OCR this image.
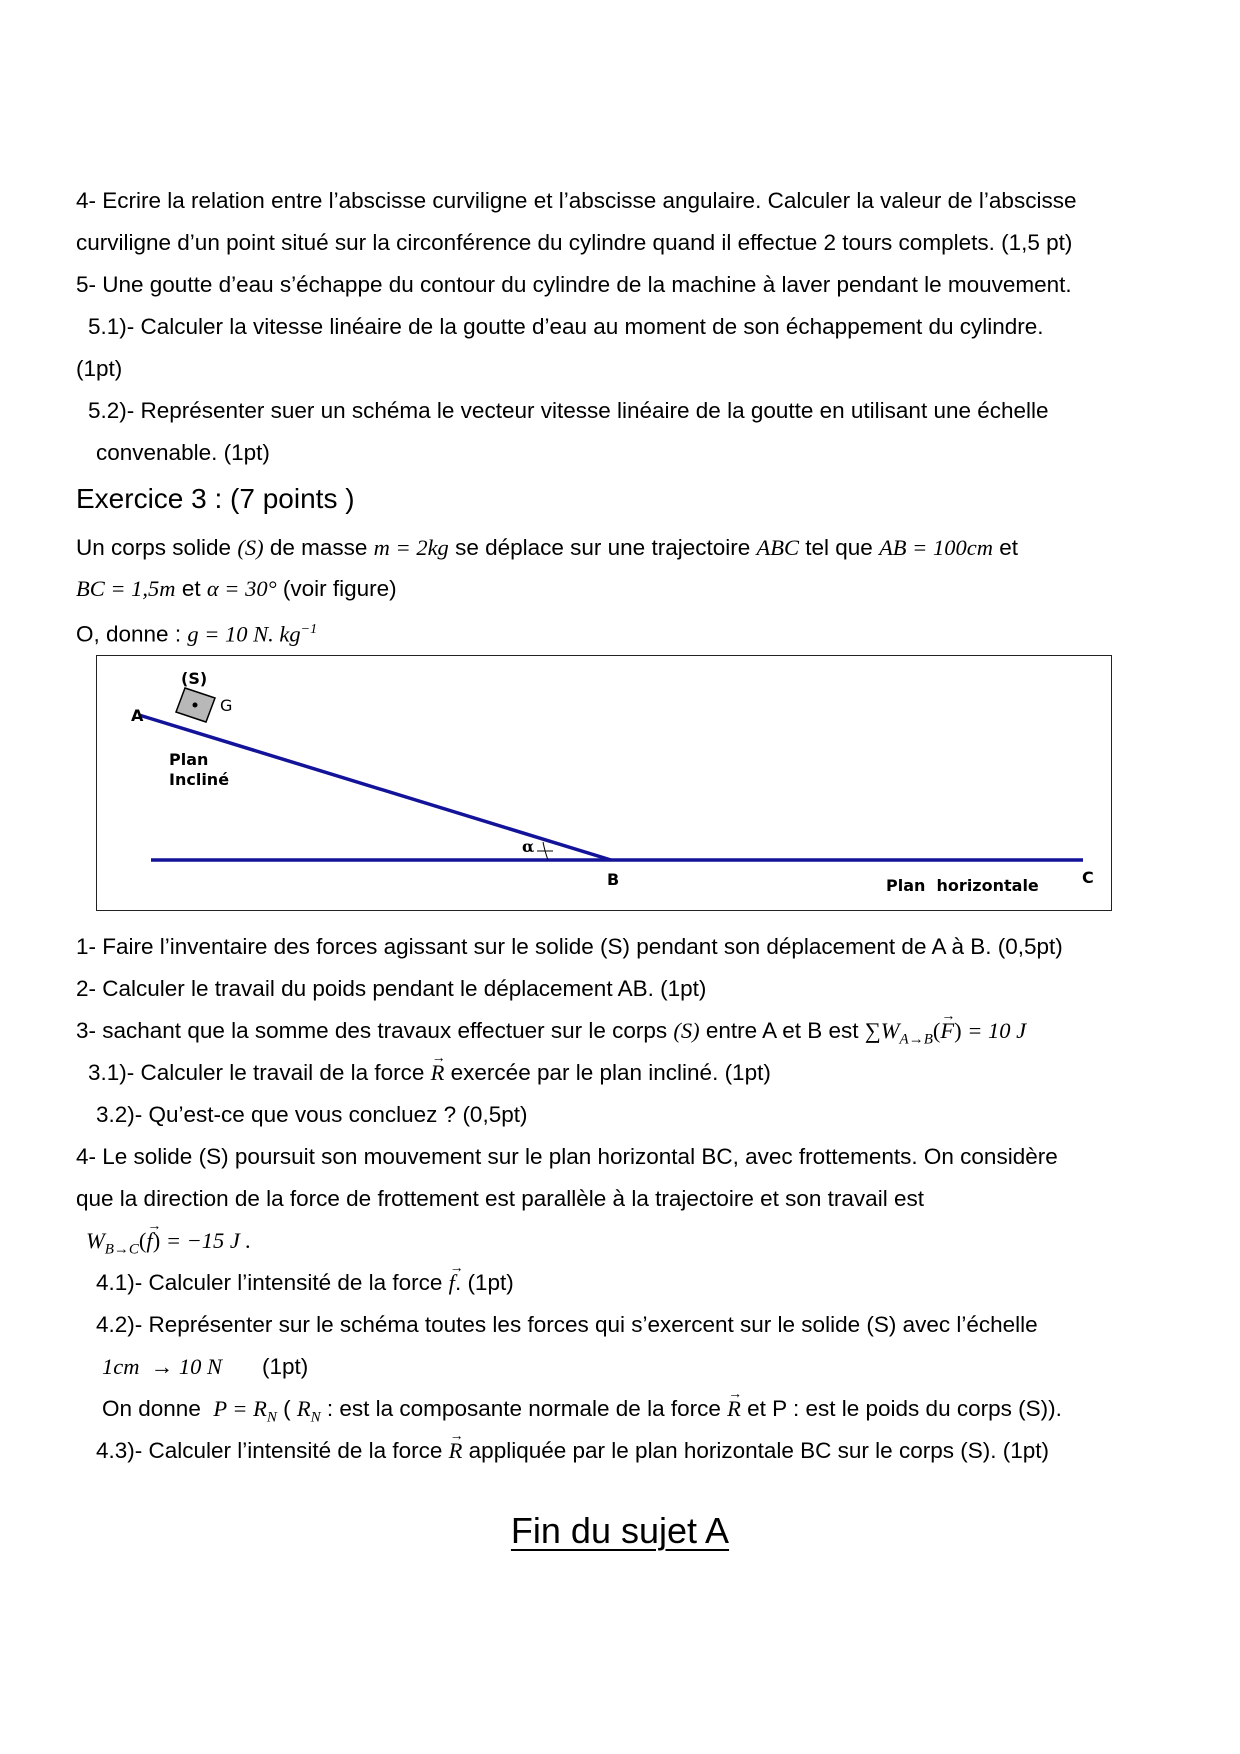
4- Ecrire la relation entre l’abscisse curviligne et l’abscisse angulaire. Calculer la valeur de l’abscisse
curviligne d’un point situé sur la circonférence du cylindre quand il effectue 2 tours complets. (1,5 pt)
5- Une goutte d’eau s’échappe du contour du cylindre de la machine à laver pendant le mouvement.
5.1)- Calculer la vitesse linéaire de la goutte d’eau au moment de son échappement du cylindre.
(1pt)
5.2)- Représenter suer un schéma le vecteur vitesse linéaire de la goutte en utilisant une échelle
convenable. (1pt)
Exercice 3 : (7 points )
Un corps solide (S) de masse m = 2kg se déplace sur une trajectoire ABC tel que AB = 100cm et
BC = 1,5m et α = 30° (voir figure)
O, donne : g = 10 N. $kg^{-1}$
(S)
A
G
Plan
Incliné
α
B	Plan  horizontale	C
1- Faire l’inventaire des forces agissant sur le solide (S) pendant son déplacement de A à B. (0,5pt)
2- Calculer le travail du poids pendant le déplacement AB. (1pt)
3- sachant que la somme des travaux effectuer sur le corps (S) entre A et B est $\sum W_{A\to B}(\to F) = 10$ J
3.1)- Calculer le travail de la force → R exercée par le plan incliné. (1pt)
3.2)- Qu’est-ce que vous concluez ? (0,5pt)
4- Le solide (S) poursuit son mouvement sur le plan horizontal BC, avec frottements. On considère
que la direction de la force de frottement est parallèle à la trajectoire et son travail est
$W_{B\to C}(\to f) = -15$ J .
4.1)- Calculer l’intensité de la force → f. (1pt)
4.2)- Représenter sur le schéma toutes les forces qui s’exercent sur le solide (S) avec l’échelle
1cm  → 10 N (1pt)
On donne  $P = R_N$ ( $R_N$ : est la composante normale de la force → R et P : est le poids du corps (S)).
4.3)- Calculer l’intensité de la force → R appliquée par le plan horizontale BC sur le corps (S). (1pt)
Fin du sujet A
